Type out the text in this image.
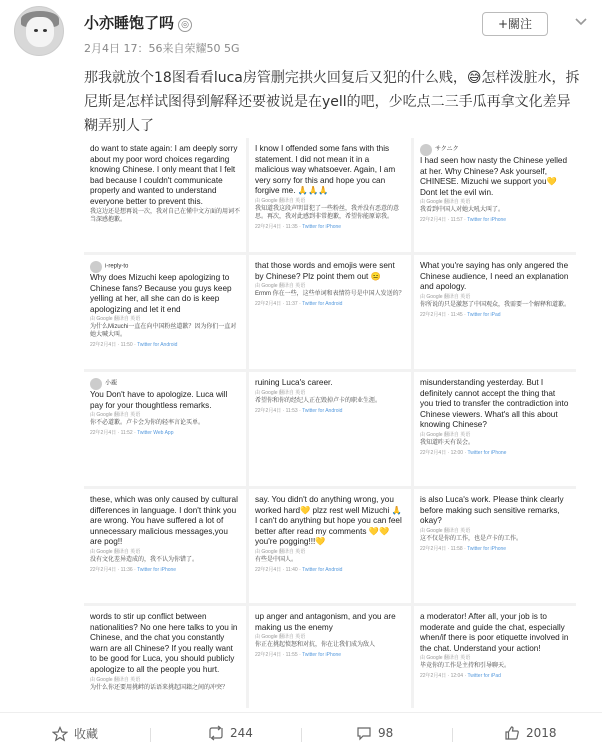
小亦睡饱了吗 ◎
2月4日 17：56来自荣耀50 5G
+關注
那我就放个18图看看luca房管删完拱火回复后又犯的什么贱，😅怎样泼脏水，拆尼斯是怎样试图得到解释还要被说是在yell的吧，少吃点二三手瓜再拿文化差异糊弄别人了
do want to state again: I am deeply sorry about my poor word choices regarding knowing Chinese. I only meant that I felt bad because I couldn't communicate properly and wanted to understand everyone better to prevent this.
我这边还是想再说一次，我对自己在懂中文方面的用词不当深感抱歉。
I know I offended some fans with this statement. I did not mean it in a malicious way whatsoever. Again, I am very sorry for this and hope you can forgive me. 🙏🙏🙏
由 Google 翻译自 英语
我知道我这段声明冒犯了一些粉丝，我并没有恶意的意思。再次，我对此感到非常抱歉，希望你能原谅我。
22年2月4日 · 11:35 · Twitter for iPhone
サクニク
I had seen how nasty the Chinese yelled at her. Why Chinese? Ask yourself, CHINESE. Mizuchi we support you💛 Dont let the evil win.
由 Google 翻译自 英语
我看到中国人对她大吼大叫了。
22年2月4日 · 11:57 · Twitter for iPhone
i-reply-to
Why does Mizuchi keep apologizing to Chinese fans? Because you guys keep yelling at her, all she can do is keep apologizing and let it end
由 Google 翻译自 英语
为什么Mizuchi一直在向中国粉丝道歉？因为你们一直对她大喊大叫。
22年2月4日 · 11:50 · Twitter for Android
that those words and emojis were sent by Chinese? Plz point them out 😑
由 Google 翻译自 英语
Ermm 你在一些，这些单词和表情符号是中国人发送的？
22年2月4日 · 11:37 · Twitter for Android
What you're saying has only angered the Chinese audience, I need an explanation and apology.
由 Google 翻译自 英语
你所说的只是激怒了中国观众，我需要一个解释和道歉。
22年2月4日 · 11:45 · Twitter for iPad
小鹿
You Don't have to apologize. Luca will pay for your thoughtless remarks.
由 Google 翻译自 英语
你不必道歉。卢卡会为你的轻率言论买单。
22年2月4日 · 11:52 · Twitter Web App
ruining Luca's career.
由 Google 翻译自 英语
希望你和你的经纪人正在毁掉卢卡的职业生涯。
22年2月4日 · 11:53 · Twitter for Android
misunderstanding yesterday. But I definitely cannot accept the thing that you tried to transfer the contradiction into Chinese viewers. What's all this about knowing Chinese?
由 Google 翻译自 英语
我知道昨天有误会。
22年2月4日 · 12:00 · Twitter for iPhone
these, which was only caused by cultural differences in language. I don't think you are wrong. You have suffered a lot of unnecessary malicious messages,you are pog!!
由 Google 翻译自 英语
没有文化差异造成的，我不认为你错了。
22年2月4日 · 11:36 · Twitter for iPhone
say. You didn't do anything wrong, you worked hard💛 plzz rest well Mizuchi 🙏 I can't do anything but hope you can feel better after read my comments 💛💛 you're pogging!!!💛
由 Google 翻译自 英语
有些是中国人。
22年2月4日 · 11:40 · Twitter for Android
is also Luca's work. Please think clearly before making such sensitive remarks, okay?
由 Google 翻译自 英语
这不仅是你的工作，也是卢卡的工作。
22年2月4日 · 11:58 · Twitter for iPhone
words to stir up conflict between nationalities? No one here talks to you in Chinese, and the chat you constantly warn are all Chinese? If you really want to be good for Luca, you should publicly apologize to all the people you hurt.
由 Google 翻译自 英语
为什么你还要用挑衅的话语来挑起国籍之间的冲突？
up anger and antagonism, and you are making us the enemy
由 Google 翻译自 英语
你正在挑起愤怒和对抗，你在让我们成为敌人
22年2月4日 · 11:55 · Twitter for iPhone
a moderator! After all, your job is to moderate and guide the chat, especially when/if there is poor etiquette involved in the chat. Understand your action!
由 Google 翻译自 英语
毕竟你的工作是主持和引导聊天。
22年2月4日 · 12:04 · Twitter for iPad
收藏	244	98	2018
